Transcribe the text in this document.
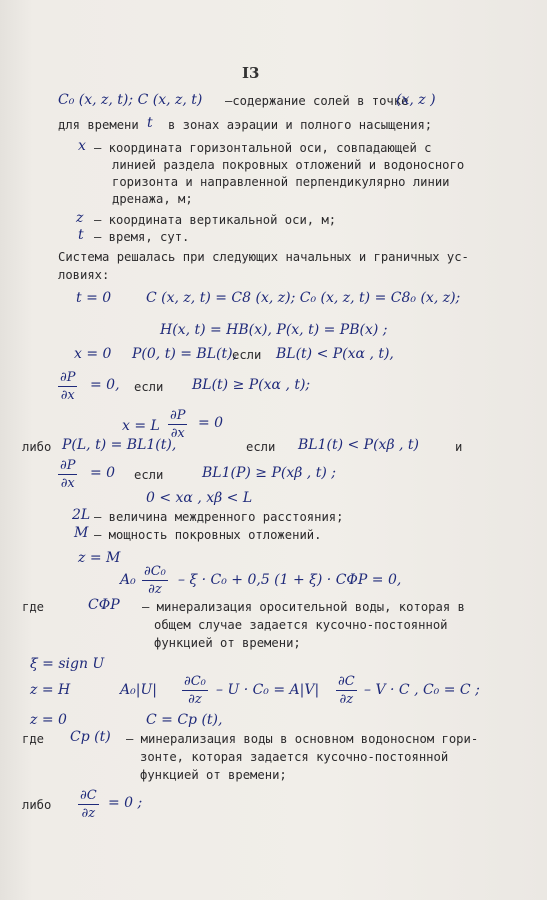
I3
C₀ (x, z, t); C (x, z, t) –содержание солей в точке
(x, z )
для времени t в зонах аэрации и полного насыщения;
x – координата горизонтальной оси, совпадающей с
линией раздела покровных отложений и водоносного
горизонта и направленной перпендикулярно линии
дренажа, м;
z – координата вертикальной оси, м;
t – время, сут.
Система решалась при следующих начальных и граничных ус-
ловиях:
t = 0 C (x, z, t) = C8 (x, z); C₀ (x, z, t) = C8₀ (x, z);
H(x, t) = HB(x), P(x, t) = PB(x) ;
x = 0 P(0, t) = BL(t),
если BL(t) < P(xα , t),
$\frac{\partial P}{\partial x} = 0$, если BL(t) ≥ P(xα , t);
x = L $\frac{\partial P}{\partial x} = 0$
либо P(L, t) = BL1(t),	если BL1(t) < P(xβ , t)	и
$\frac{\partial P}{\partial x} = 0$ если	BL1(P) ≥ P(xβ , t) ;
0 < xα , xβ < L
2L – величина междренного расстояния;
M – мощность покровных отложений.
z = M
$A_0 \frac{\text{∂C₀}}{\partial z} - \xi \cdot C_0 + 0,5$ (1 + ξ) · CΦP = 0,
где	CΦP – минерализация оросительной воды, которая в
общем случае задается кусочно-постоянной
функцией от времени;
ξ = sign U
z = H	$A_0|U| \frac{\text{∂C₀}}{\partial z} - U \cdot C_0 = A|V| \frac{\partial C}{\partial z} - V \cdot C$ , C₀ = C ;
z = 0	C = Cp (t),
где Cp (t) – минерализация воды в основном водоносном гори-
зонте, которая задается кусочно-постоянной
функцией от времени;
либо $\frac{\partial C}{\partial z} = 0$ ;
